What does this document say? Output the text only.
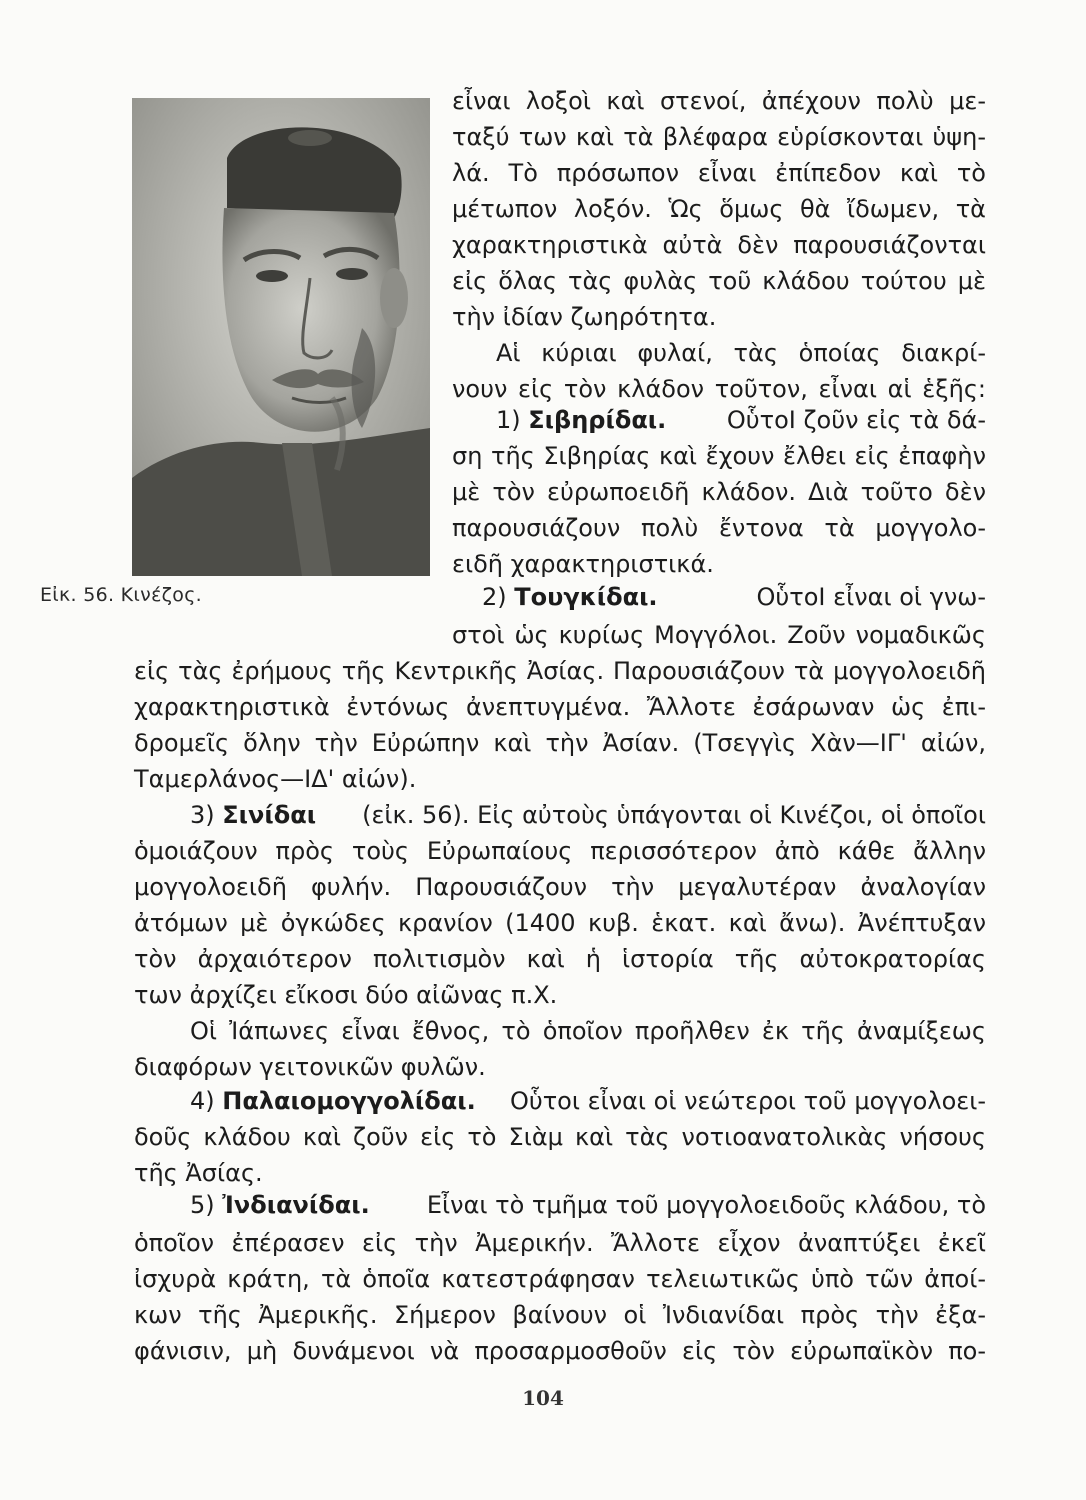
Εἰκ. 56. Κινέζος.
εἶναι λοξοὶ καὶ στενοί, ἀπέχουν πολὺ με-
ταξύ των καὶ τὰ βλέφαρα εὑρίσκονται ὑψη-
λά. Τὸ πρόσωπον εἶναι ἐπίπεδον καὶ τὸ
μέτωπον λοξόν. Ὡς ὅμως θὰ ἴδωμεν, τὰ
χαρακτηριστικὰ αὐτὰ δὲν παρουσιάζονται
εἰς ὅλας τὰς φυλὰς τοῦ κλάδου τούτου μὲ
τὴν ἰδίαν ζωηρότητα.
Αἱ κύριαι φυλαί, τὰς ὁποίας διακρί-
νουν εἰς τὸν κλάδον τοῦτον, εἶναι αἱ ἑξῆς:
1) Σιβηρίδαι.	ΟὗτοΙ ζοῦν εἰς τὰ δά-
ση τῆς Σιβηρίας καὶ ἔχουν ἔλθει εἰς ἐπαφὴν
μὲ τὸν εὐρωποειδῆ κλάδον. Διὰ τοῦτο δὲν
παρουσιάζουν πολὺ ἔντονα τὰ μογγολο-
ειδῆ χαρακτηριστικά.
2) Τουγκίδαι.	ΟὗτοΙ εἶναι οἱ γνω-
στοὶ ὡς κυρίως Μογγόλοι. Ζοῦν νομαδικῶς
εἰς τὰς ἐρήμους τῆς Κεντρικῆς Ἀσίας. Παρουσιάζουν τὰ μογγολοειδῆ
χαρακτηριστικὰ ἐντόνως ἀνεπτυγμένα. Ἄλλοτε ἐσάρωναν ὡς ἐπι-
δρομεῖς ὅλην τὴν Εὐρώπην καὶ τὴν Ἀσίαν. (Τσεγγὶς Χὰν—ΙΓ' αἰών,
Ταμερλάνος—ΙΔ' αἰών).
3) Σινίδαι (εἰκ. 56). Εἰς αὐτοὺς ὑπάγονται οἱ Κινέζοι, οἱ ὁποῖοι
ὁμοιάζουν πρὸς τοὺς Εὐρωπαίους περισσότερον ἀπὸ κάθε ἄλλην
μογγολοειδῆ φυλήν. Παρουσιάζουν τὴν μεγαλυτέραν ἀναλογίαν
ἀτόμων μὲ ὀγκώδες κρανίον (1400 κυβ. ἑκατ. καὶ ἄνω). Ἀνέπτυξαν
τὸν ἀρχαιότερον πολιτισμὸν καὶ ἡ ἱστορία τῆς αὐτοκρατορίας
των ἀρχίζει εἴκοσι δύο αἰῶνας π.Χ.
Οἱ Ἰάπωνες εἶναι ἔθνος, τὸ ὁποῖον προῆλθεν ἐκ τῆς ἀναμίξεως
διαφόρων γειτονικῶν φυλῶν.
4) Παλαιομογγολίδαι. Οὗτοι εἶναι οἱ νεώτεροι τοῦ μογγολοει-
δοῦς κλάδου καὶ ζοῦν εἰς τὸ Σιὰμ καὶ τὰς νοτιοανατολικὰς νήσους
τῆς Ἀσίας.
5) Ἰνδιανίδαι. Εἶναι τὸ τμῆμα τοῦ μογγολοειδοῦς κλάδου, τὸ
ὁποῖον ἐπέρασεν εἰς τὴν Ἀμερικήν. Ἄλλοτε εἶχον ἀναπτύξει ἐκεῖ
ἰσχυρὰ κράτη, τὰ ὁποῖα κατεστράφησαν τελειωτικῶς ὑπὸ τῶν ἀποί-
κων τῆς Ἀμερικῆς. Σήμερον βαίνουν οἱ Ἰνδιανίδαι πρὸς τὴν ἐξα-
φάνισιν, μὴ δυνάμενοι νὰ προσαρμοσθοῦν εἰς τὸν εὐρωπαϊκὸν πο-
104
